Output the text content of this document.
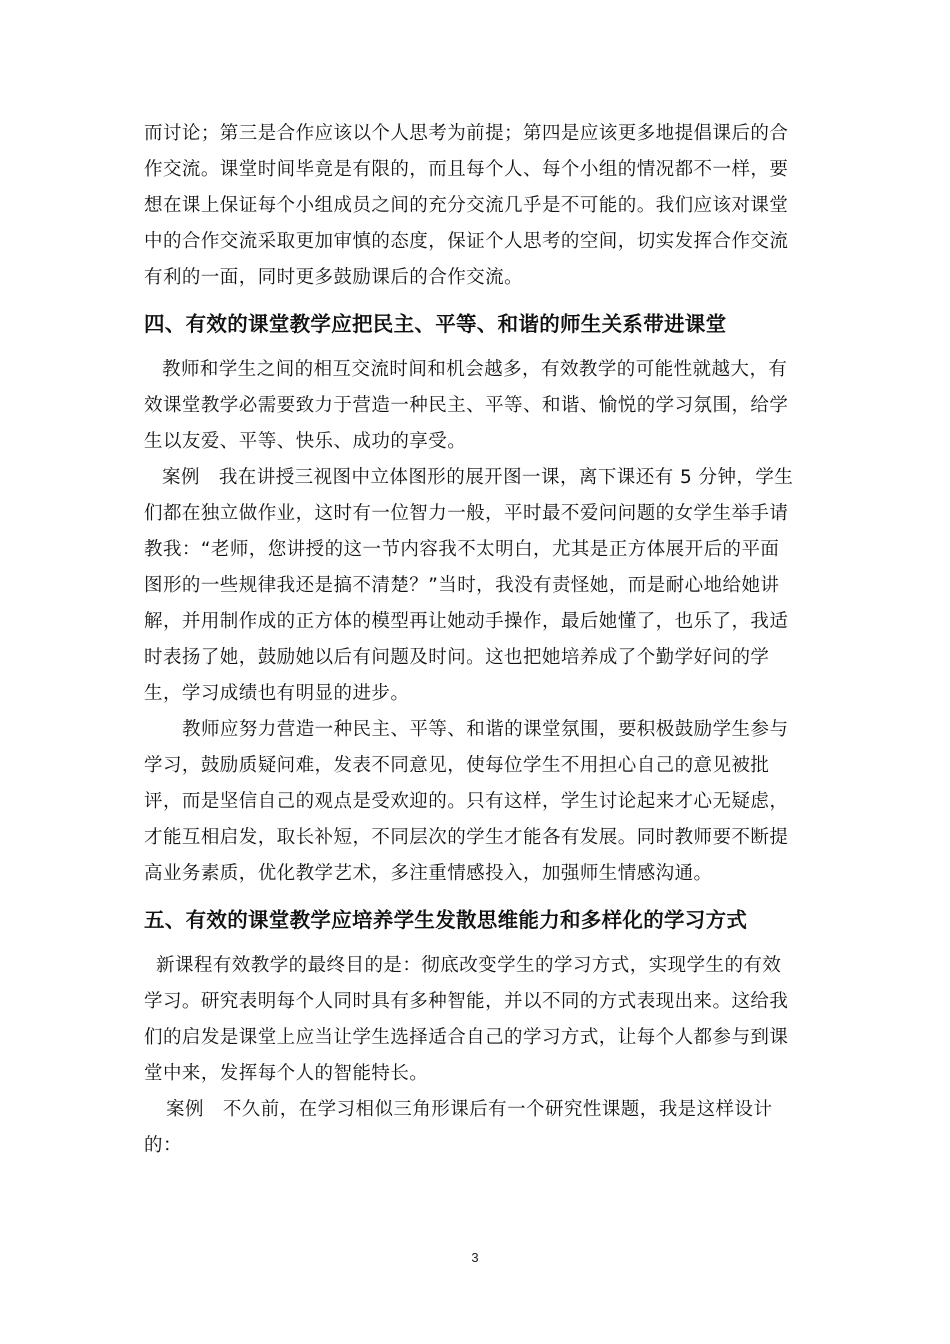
而讨论；第三是合作应该以个人思考为前提；第四是应该更多地提倡课后的合
作交流。课堂时间毕竟是有限的，而且每个人、每个小组的情况都不一样，要
想在课上保证每个小组成员之间的充分交流几乎是不可能的。我们应该对课堂
中的合作交流采取更加审慎的态度，保证个人思考的空间，切实发挥合作交流
有利的一面，同时更多鼓励课后的合作交流。
四、有效的课堂教学应把民主、平等、和谐的师生关系带进课堂
教师和学生之间的相互交流时间和机会越多，有效教学的可能性就越大，有
效课堂教学必需要致力于营造一种民主、平等、和谐、愉悦的学习氛围，给学
生以友爱、平等、快乐、成功的享受。
案例　我在讲授三视图中立体图形的展开图一课，离下课还有 5 分钟，学生
们都在独立做作业，这时有一位智力一般，平时最不爱问问题的女学生举手请
教我：“老师，您讲授的这一节内容我不太明白，尤其是正方体展开后的平面
图形的一些规律我还是搞不清楚？”当时，我没有责怪她，而是耐心地给她讲
解，并用制作成的正方体的模型再让她动手操作，最后她懂了，也乐了，我适
时表扬了她，鼓励她以后有问题及时问。这也把她培养成了个勤学好问的学
生，学习成绩也有明显的进步。
教师应努力营造一种民主、平等、和谐的课堂氛围，要积极鼓励学生参与
学习，鼓励质疑问难，发表不同意见，使每位学生不用担心自己的意见被批
评，而是坚信自己的观点是受欢迎的。只有这样，学生讨论起来才心无疑虑，
才能互相启发，取长补短，不同层次的学生才能各有发展。同时教师要不断提
高业务素质，优化教学艺术，多注重情感投入，加强师生情感沟通。
五、有效的课堂教学应培养学生发散思维能力和多样化的学习方式
新课程有效教学的最终目的是：彻底改变学生的学习方式，实现学生的有效
学习。研究表明每个人同时具有多种智能，并以不同的方式表现出来。这给我
们的启发是课堂上应当让学生选择适合自己的学习方式，让每个人都参与到课
堂中来，发挥每个人的智能特长。
案例　不久前，在学习相似三角形课后有一个研究性课题，我是这样设计
的：
3
